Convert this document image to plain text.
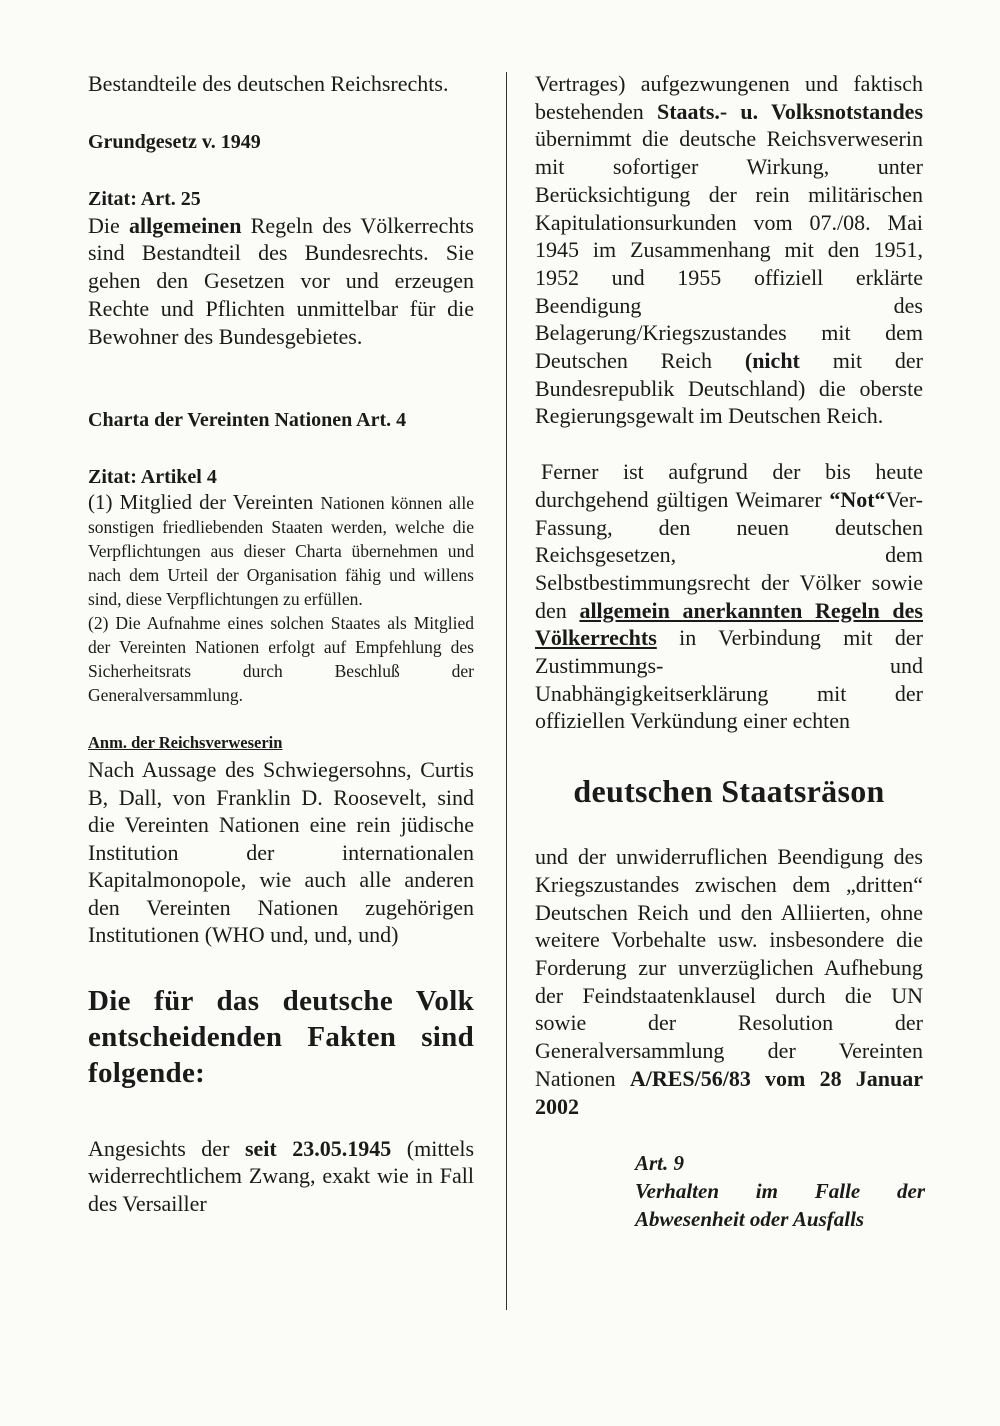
Bestandteile des deutschen Reichsrechts.

Grundgesetz v. 1949

Zitat: Art. 25

Die allgemeinen Regeln des Völkerrechts sind Bestandteil des Bundesrechts. Sie gehen den Gesetzen vor und erzeugen Rechte und Pflichten unmittelbar für die Bewohner des Bundesgebietes.

Charta der Vereinten Nationen Art. 4

Zitat: Artikel 4

(1) Mitglied der Vereinten Nationen können alle sonstigen friedliebenden Staaten werden, welche die Verpflichtungen aus dieser Charta übernehmen und nach dem Urteil der Organisation fähig und willens sind, diese Verpflichtungen zu erfüllen.

(2) Die Aufnahme eines solchen Staates als Mitglied der Vereinten Nationen erfolgt auf Empfehlung des Sicherheitsrats durch Beschluß der Generalversammlung.

Anm. der Reichsverweserin

Nach Aussage des Schwiegersohns, Curtis B, Dall, von Franklin D. Roosevelt, sind die Vereinten Nationen eine rein jüdische Institution der internationalen Kapitalmonopole, wie auch alle anderen den Vereinten Nationen zugehörigen Institutionen (WHO und, und, und)

Die für das deutsche Volk entscheidenden Fakten sind folgende:

Angesichts der seit 23.05.1945 (mittels widerrechtlichem Zwang, exakt wie in Fall des Versailler

Vertrages) aufgezwungenen und faktisch bestehenden Staats.- u. Volksnotstandes übernimmt die deutsche Reichsverweserin mit sofortiger Wirkung, unter Berücksichtigung der rein militärischen Kapitulationsurkunden vom 07./08. Mai 1945 im Zusammenhang mit den 1951, 1952 und 1955 offiziell erklärte Beendigung des Belagerung/Kriegszustandes mit dem Deutschen Reich (nicht mit der Bundesrepublik Deutschland) die oberste Regierungsgewalt im Deutschen Reich.

Ferner ist aufgrund der bis heute durchgehend gültigen Weimarer “Not“Ver-Fassung, den neuen deutschen Reichsgesetzen, dem Selbstbestimmungsrecht der Völker sowie den allgemein anerkannten Regeln des Völkerrechts in Verbindung mit der Zustimmungs- und Unabhängigkeitserklärung mit der offiziellen Verkündung einer echten

deutschen Staatsräson

und der unwiderruflichen Beendigung des Kriegszustandes zwischen dem „dritten“ Deutschen Reich und den Alliierten, ohne weitere Vorbehalte usw. insbesondere die Forderung zur unverzüglichen Aufhebung der Feindstaatenklausel durch die UN sowie der Resolution der Generalversammlung der Vereinten Nationen A/RES/56/83 vom 28 Januar 2002

Art. 9

Verhalten im Falle der Abwesenheit oder Ausfalls
